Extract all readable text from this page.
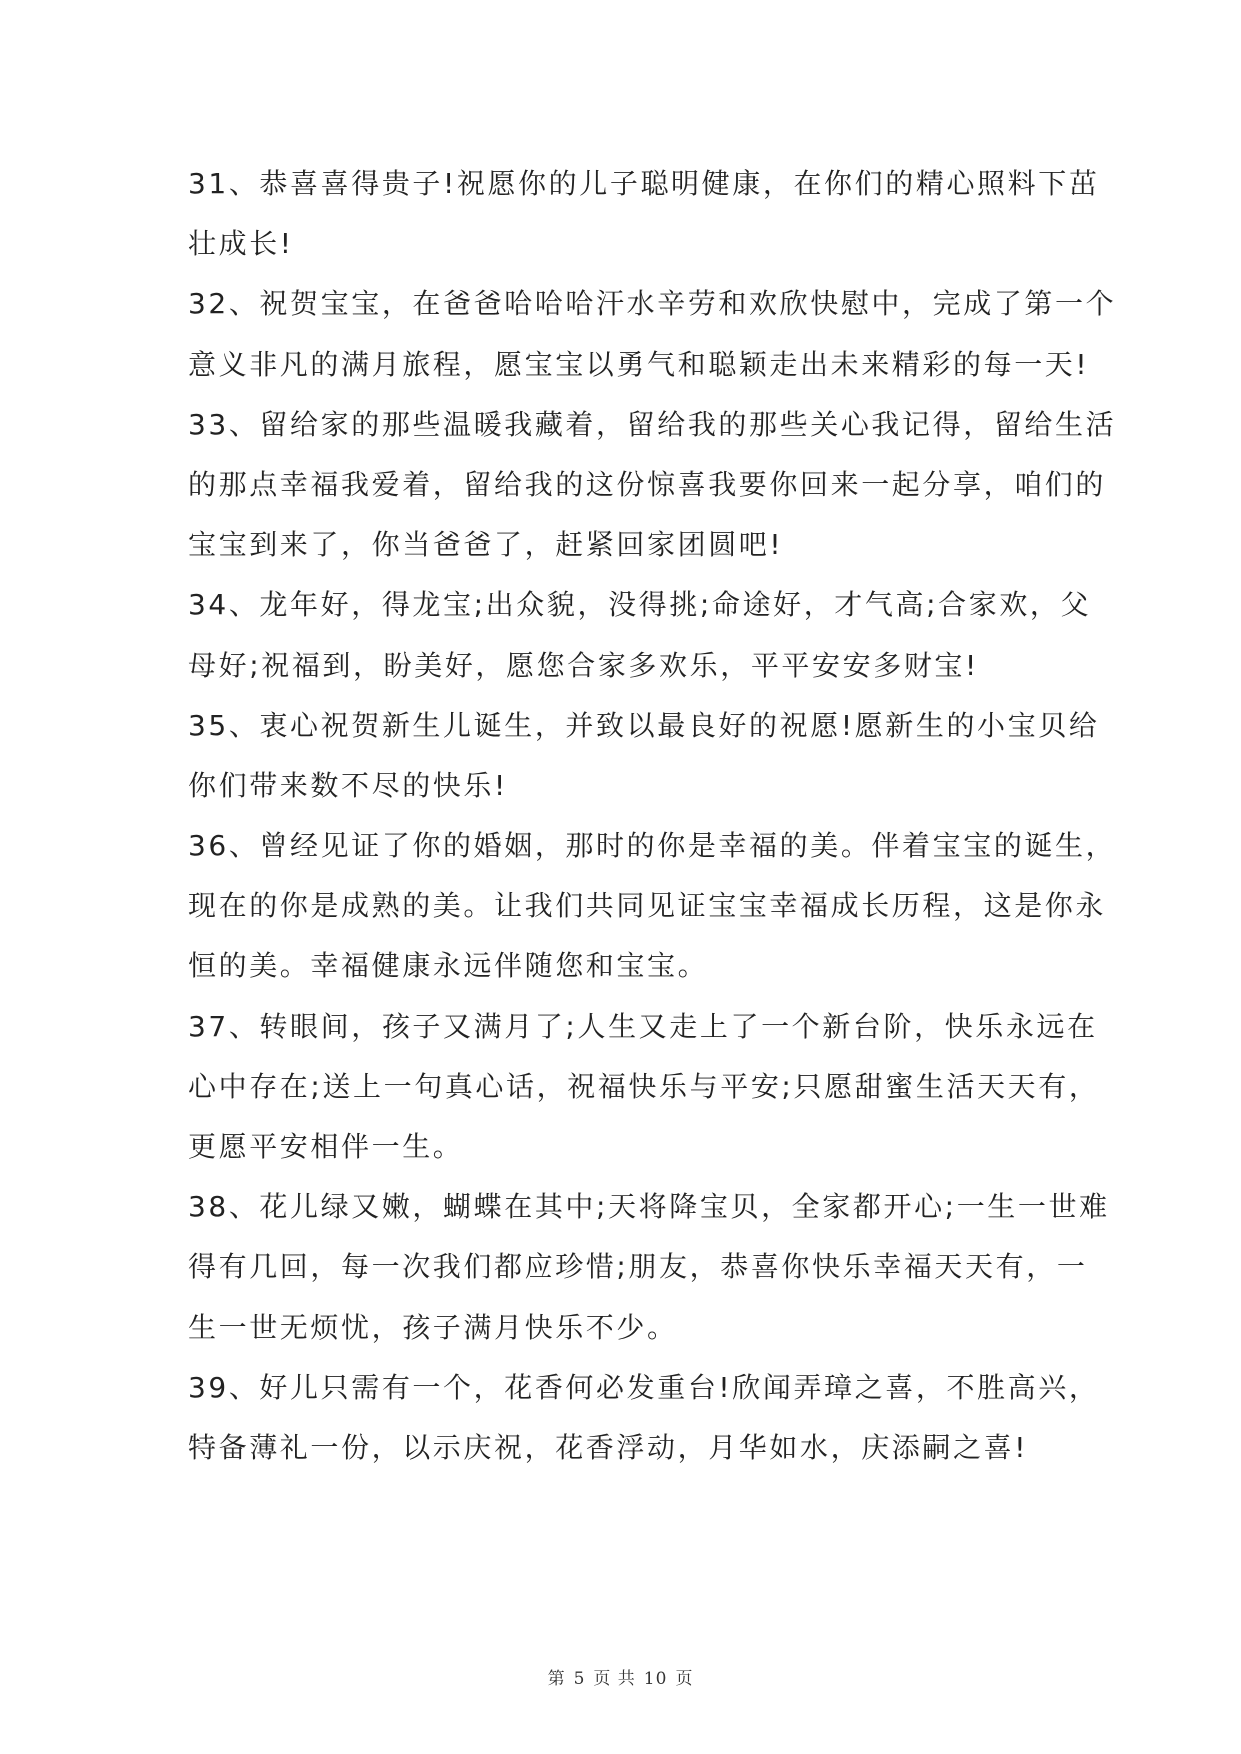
31、恭喜喜得贵子!祝愿你的儿子聪明健康，在你们的精心照料下茁
壮成长!
32、祝贺宝宝，在爸爸哈哈哈汗水辛劳和欢欣快慰中，完成了第一个
意义非凡的满月旅程，愿宝宝以勇气和聪颖走出未来精彩的每一天!
33、留给家的那些温暖我藏着，留给我的那些关心我记得，留给生活
的那点幸福我爱着，留给我的这份惊喜我要你回来一起分享，咱们的
宝宝到来了，你当爸爸了，赶紧回家团圆吧!
34、龙年好，得龙宝;出众貌，没得挑;命途好，才气高;合家欢，父
母好;祝福到，盼美好，愿您合家多欢乐，平平安安多财宝!
35、衷心祝贺新生儿诞生，并致以最良好的祝愿!愿新生的小宝贝给
你们带来数不尽的快乐!
36、曾经见证了你的婚姻，那时的你是幸福的美。伴着宝宝的诞生，
现在的你是成熟的美。让我们共同见证宝宝幸福成长历程，这是你永
恒的美。幸福健康永远伴随您和宝宝。
37、转眼间，孩子又满月了;人生又走上了一个新台阶，快乐永远在
心中存在;送上一句真心话，祝福快乐与平安;只愿甜蜜生活天天有，
更愿平安相伴一生。
38、花儿绿又嫩，蝴蝶在其中;天将降宝贝，全家都开心;一生一世难
得有几回，每一次我们都应珍惜;朋友，恭喜你快乐幸福天天有，一
生一世无烦忧，孩子满月快乐不少。
39、好儿只需有一个，花香何必发重台!欣闻弄璋之喜，不胜高兴，
特备薄礼一份，以示庆祝，花香浮动，月华如水，庆添嗣之喜!
第 5 页 共 10 页
